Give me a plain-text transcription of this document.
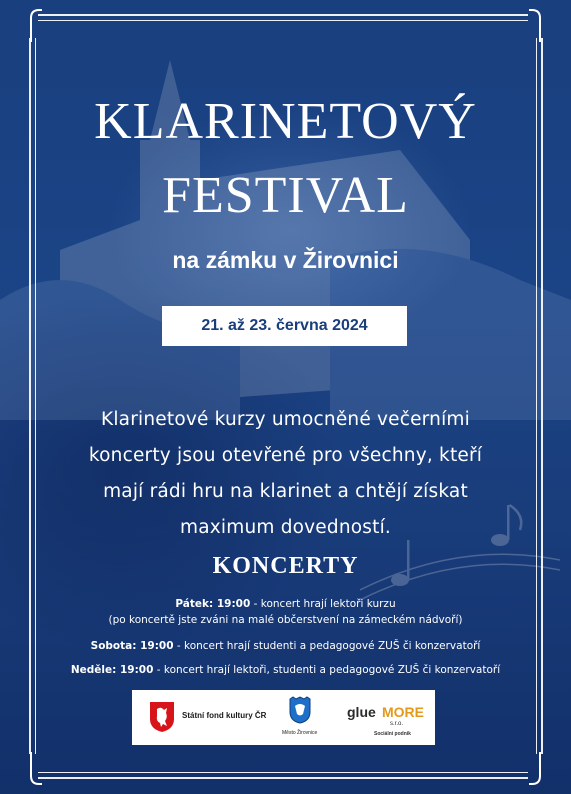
KLARINETOVÝ
FESTIVAL
na zámku v Žirovnici
21. až 23. června 2024
Klarinetové kurzy umocněné večerními
koncerty jsou otevřené pro všechny, kteří
mají rádi hru na klarinet a chtějí získat
maximum dovedností.
KONCERTY
Pátek: 19:00 - koncert hrají lektoři kurzu
(po koncertě jste zváni na malé občerstvení na zámeckém nádvoří)
Sobota: 19:00 - koncert hrají studenti a pedagogové ZUŠ či konzervatoří
Neděle: 19:00 - koncert hrají lektoři, studenti a pedagogové ZUŠ či konzervatoří
Státní fond kultury ČR
Město Žirovnice
glue MORE
s.r.o.
Sociální podnik
